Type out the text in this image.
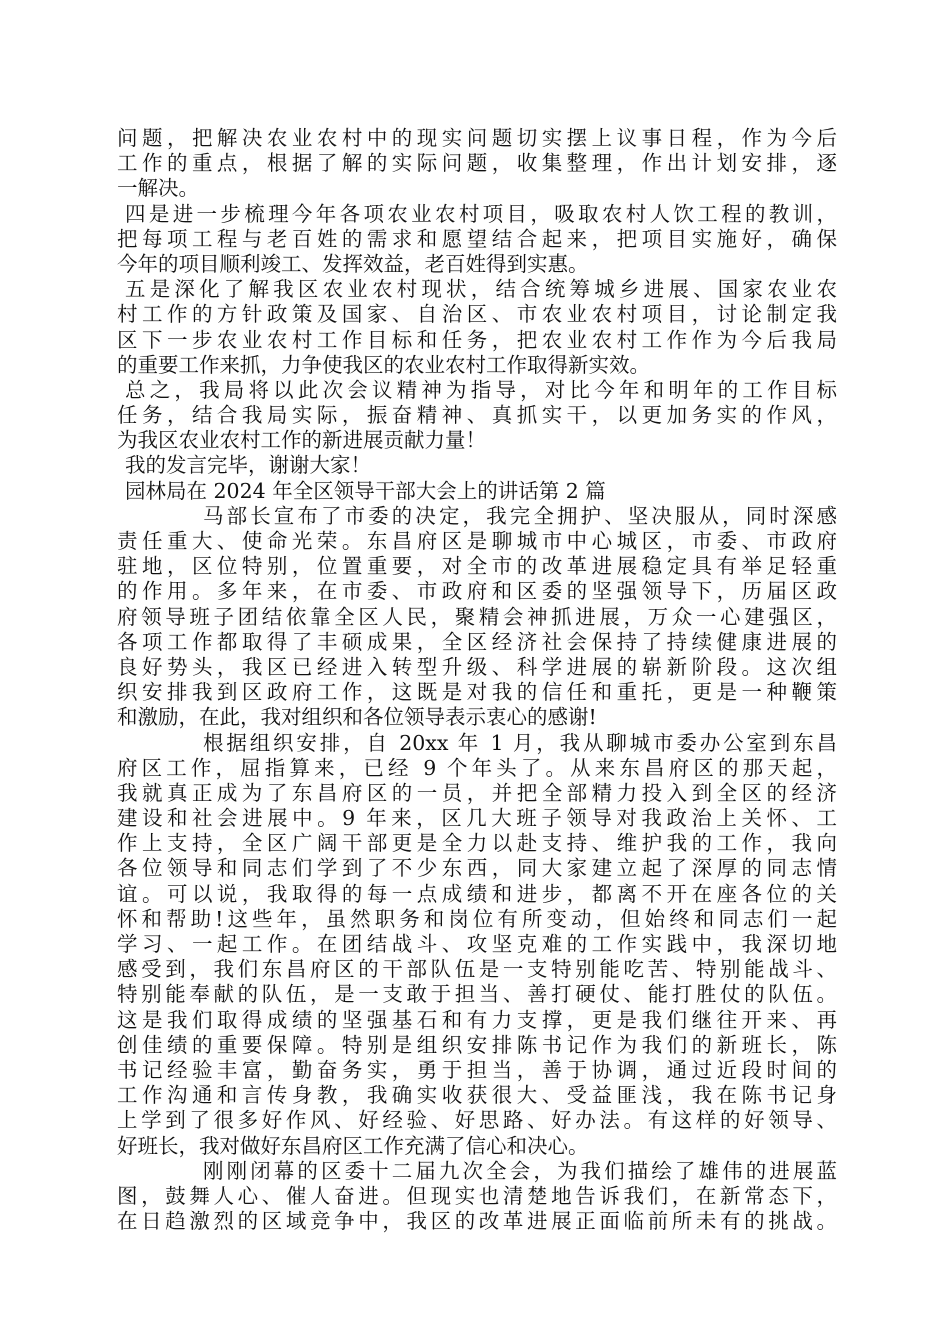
问题，把解决农业农村中的现实问题切实摆上议事日程，作为今后
工作的重点，根据了解的实际问题，收集整理，作出计划安排，逐
一解决。
四是进一步梳理今年各项农业农村项目，吸取农村人饮工程的教训，
把每项工程与老百姓的需求和愿望结合起来，把项目实施好，确保
今年的项目顺利竣工、发挥效益，老百姓得到实惠。
五是深化了解我区农业农村现状，结合统筹城乡进展、国家农业农
村工作的方针政策及国家、自治区、市农业农村项目，讨论制定我
区下一步农业农村工作目标和任务，把农业农村工作作为今后我局
的重要工作来抓，力争使我区的农业农村工作取得新实效。
总之，我局将以此次会议精神为指导，对比今年和明年的工作目标
任务，结合我局实际，振奋精神、真抓实干，以更加务实的作风，
为我区农业农村工作的新进展贡献力量！
我的发言完毕，谢谢大家！
园林局在 2024 年全区领导干部大会上的讲话第 2 篇
马部长宣布了市委的决定，我完全拥护、坚决服从，同时深感
责任重大、使命光荣。东昌府区是聊城市中心城区，市委、市政府
驻地，区位特别，位置重要，对全市的改革进展稳定具有举足轻重
的作用。多年来，在市委、市政府和区委的坚强领导下，历届区政
府领导班子团结依靠全区人民，聚精会神抓进展，万众一心建强区，
各项工作都取得了丰硕成果，全区经济社会保持了持续健康进展的
良好势头，我区已经进入转型升级、科学进展的崭新阶段。这次组
织安排我到区政府工作，这既是对我的信任和重托，更是一种鞭策
和激励，在此，我对组织和各位领导表示衷心的感谢!
根据组织安排，自 20xx 年 1 月，我从聊城市委办公室到东昌
府区工作，屈指算来，已经 9 个年头了。从来东昌府区的那天起，
我就真正成为了东昌府区的一员，并把全部精力投入到全区的经济
建设和社会进展中。9 年来，区几大班子领导对我政治上关怀、工
作上支持，全区广阔干部更是全力以赴支持、维护我的工作，我向
各位领导和同志们学到了不少东西，同大家建立起了深厚的同志情
谊。可以说，我取得的每一点成绩和进步，都离不开在座各位的关
怀和帮助!这些年，虽然职务和岗位有所变动，但始终和同志们一起
学习、一起工作。在团结战斗、攻坚克难的工作实践中，我深切地
感受到，我们东昌府区的干部队伍是一支特别能吃苦、特别能战斗、
特别能奉献的队伍，是一支敢于担当、善打硬仗、能打胜仗的队伍。
这是我们取得成绩的坚强基石和有力支撑，更是我们继往开来、再
创佳绩的重要保障。特别是组织安排陈书记作为我们的新班长，陈
书记经验丰富，勤奋务实，勇于担当，善于协调，通过近段时间的
工作沟通和言传身教，我确实收获很大、受益匪浅，我在陈书记身
上学到了很多好作风、好经验、好思路、好办法。有这样的好领导、
好班长，我对做好东昌府区工作充满了信心和决心。
刚刚闭幕的区委十二届九次全会，为我们描绘了雄伟的进展蓝
图，鼓舞人心、催人奋进。但现实也清楚地告诉我们，在新常态下，
在日趋激烈的区域竞争中，我区的改革进展正面临前所未有的挑战。
